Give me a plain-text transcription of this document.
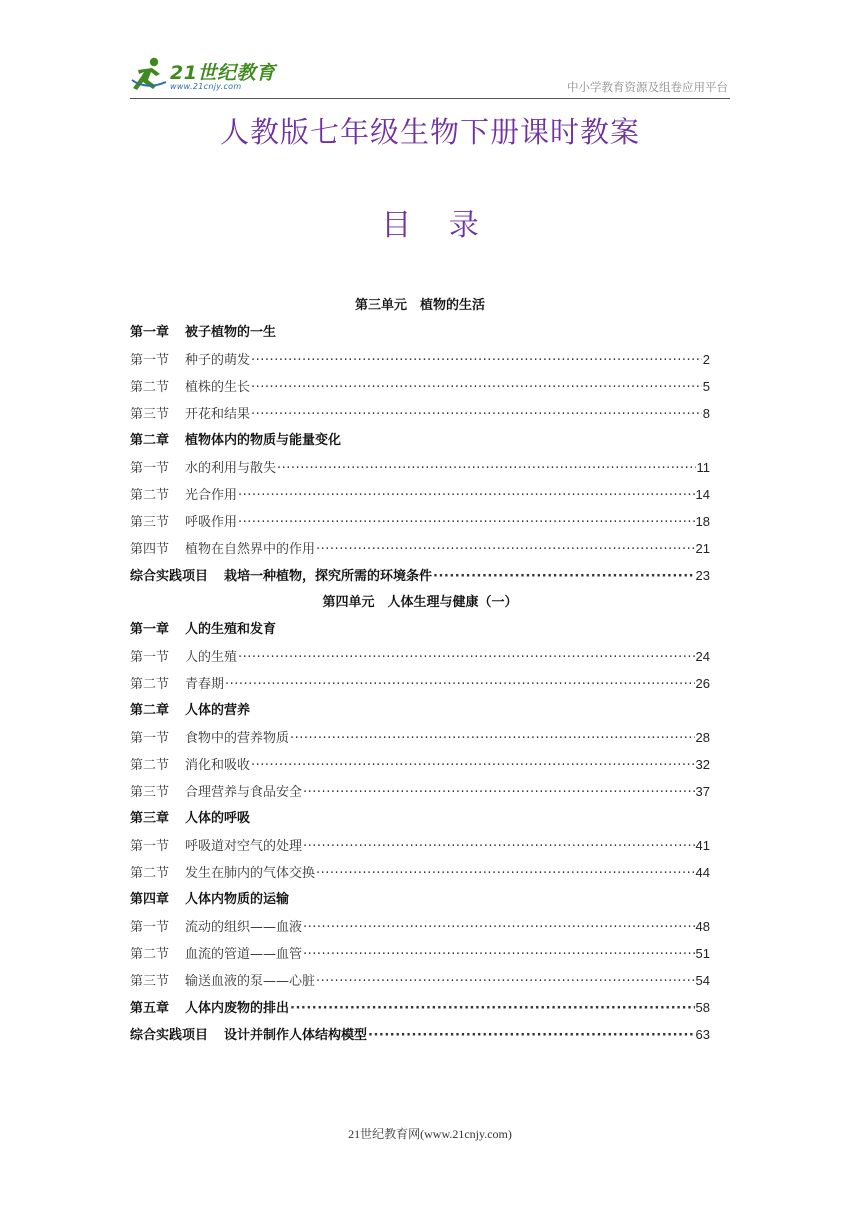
21世纪教育
www.21cnjy.com	中小学教育资源及组卷应用平台
人教版七年级生物下册课时教案
目 录
第三单元　植物的生活
第一章 被子植物的一生
第一节 种子的萌发 ·····	2
第二节 植株的生长 ·····	5
第三节 开花和结果 ·····	8
第二章 植物体内的物质与能量变化
第一节 水的利用与散失 ·····	11
第二节 光合作用 ·····	14
第三节 呼吸作用 ·····	18
第四节 植物在自然界中的作用 ·····	21
综合实践项目 栽培一种植物，探究所需的环境条件 ·····	23
第四单元　人体生理与健康（一）
第一章 人的生殖和发育
第一节 人的生殖 ·····	24
第二节 青春期 ·····	26
第二章 人体的营养
第一节 食物中的营养物质 ·····	28
第二节 消化和吸收 ·····	32
第三节 合理营养与食品安全 ·····	37
第三章 人体的呼吸
第一节 呼吸道对空气的处理 ·····	41
第二节 发生在肺内的气体交换 ·····	44
第四章 人体内物质的运输
第一节 流动的组织——血液 ·····	48
第二节 血流的管道——血管 ·····	51
第三节 输送血液的泵——心脏 ·····	54
第五章 人体内废物的排出 ·····	58
综合实践项目 设计并制作人体结构模型 ·····	63
21世纪教育网(www.21cnjy.com)
